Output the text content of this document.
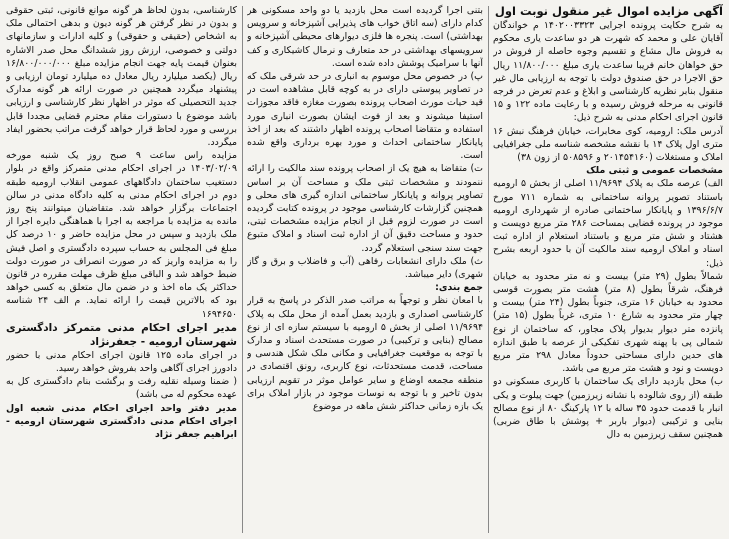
آگهی مزایده اموال غیر منقول نوبت اول

به شرح حکایت پرونده اجرایی ۱۴۰۲۰۰۳۳۲۳ م خواندگان آقایان علی و محمد که شهرت هر دو ساعدت یاری محکوم به فروش مال مشاع و تقسیم وجوه حاصله از فروش در حق خواهان خانم فریبا ساعدت یاری مبلغ ۱۱/۸۰۰/۰۰۰ ریال حق الاجرا در حق صندوق دولت با توجه به ارزیابی مال غیر منقول بنابر نظریه کارشناسی و ابلاغ و عدم تعرض در فرجه قانونی به مرحله فروش رسیده و با رعایت ماده ۱۲۲ و ۱۵ قانون اجرای احکام مدنی به شرح ذیل:

آدرس ملک: ارومیه، کوی مخابرات، خیابان فرهنگ نبش ۱۶ متری اول پلاک ۱۴ با نقشه مشخصه شناسه ملی جغرافیایی املاک و مستغلات (۲۰۱۴۵۴۱۶۰ و ۵۰۸۵۹۶ از زون ۳۸)

مشخصات عمومی و ثبتی ملک

الف) عرصه ملک به پلاک ۱۱/۹۶۹۴ اصلی از بخش ۵ ارومیه باستناد تصویر پروانه ساختمانی به شماره ۷۱۱ مورخ ۱۳۹۶/۶/۷ و پایانکار ساختمانی صادره از شهرداری ارومیه موجود در پرونده قضایی بمساحت ۲۸۶ متر مربع دویست و هشتاد و شش متر مربع و باستناد استعلام از اداره ثبت اسناد و املاک ارومیه سند مالکیت آن با حدود اربعه بشرح ذیل:

شمالاً بطول (۲۹ متر) بیست و نه متر محدود به خیابان فرهنگ، شرقاً بطول (۸ متر) هشت متر بصورت قوسی محدود به خیابان ۱۶ متری، جنوباً بطول (۲۴ متر) بیست و چهار متر محدود به شارع ۱۰ متری، غرباً بطول (۱۵ متر) پانزده متر دیوار بدیوار پلاک مجاور، که ساختمان از نوع شمالی پی با پهنه شهری تفکیکی از عرصه با طبق اندازه های حدین دارای مساحتی حدوداً معادل ۲۹۸ متر مربع دویست و نود و هشت متر مربع می باشد.

ب) محل بازدید دارای یک ساختمان با کاربری مسکونی دو طبقه (از روی شالوده با نشانه زیرزمین) جهت پیلوت و یکی انبار با قدمت حدود ۳۵ ساله با ۱۲ پارکینگ ۸۰ از نوع مصالح بنایی و ترکیبی (دیوار باربر + پوشش با طاق ضربی) همچنین سقف زیرزمین به دال

بتنی اجرا گردیده است محل بازدید یا دو واحد مسکونی هر کدام دارای (سه اتاق خواب های پذیرایی آشپزخانه و سرویس بهداشتی) است. پنجره ها فلزی دیوارهای محیطی آشپزخانه و سرویسهای بهداشتی در حد متعارف و نرمال کاشیکاری و کف آنها با سرامیک پوشش داده شده است.

پ) در خصوص محل موسوم به انباری در حد شرقی ملک که در تصاویر پیوستی دارای در به کوچه قابل مشاهده است در قید حیات مورث اصحاب پرونده بصورت مغازه فاقد مجوزات استیفا میشوند و بعد از فوت ایشان بصورت انباری مورد استفاده و متقاضا اصحاب پرونده اظهار داشتند که بعد از اخذ پایانکار ساختمانی احداث و مورد بهره برداری واقع شده است.

ت) متقاضا به هیچ یک از اصحاب پرونده سند مالکیت را ارائه ننمودند و مشخصات ثبتی ملک و مساحت آن بر اساس تصاویر پروانه و پایانکار ساختمانی اندازه گیری های محلی و همچنین گزارشات کارشناسی موجود در پرونده کتابت گردیده است در صورت لزوم قبل از انجام مزایده مشخصات ثبتی، حدود و مساحت دقیق آن از اداره ثبت اسناد و املاک متبوع جهت سند سنجی استعلام گردد.

ث) ملک دارای انشعابات رفاهی (آب و فاضلاب و برق و گاز شهری) دایر میباشد.

جمع بندی:

با امعان نظر و توجهاً به مراتب صدر الذکر در پاسخ به قرار کارشناسی اصداری و بازدید بعمل آمده از محل ملک به پلاک ۱۱/۹۶۹۴ اصلی از بخش ۵ ارومیه با سیستم سازه ای از نوع مصالح (بنایی و ترکیبی) در صورت مستحدث اسناد و مدارک با توجه به موقعیت جغرافیایی و مکانی ملک شکل هندسی و مساحت، قدمت مستحدثات، نوع کاربری، رونق اقتصادی در منطقه مجمعه اوضاع و سایر عوامل موثر در تقویم ارزیابی بدون تاخیر و با توجه به نوسات موجود در بازار املاک برای یک بازه زمانی حداکثر شش ماهه در موضوع

کارشناسی، بدون لحاظ هر گونه موانع قانونی، ثبتی حقوقی و بدون در نظر گرفتن هر گونه دیون و بدهی احتمالی ملک به اشخاص (حقیقی و حقوقی) و کلیه ادارات و سازمانهای دولتی و خصوصی، ارزش روز ششدانگ محل صدر الاشاره بعنوان قیمت پایه جهت انجام مزایده مبلغ ۱۶/۸۰۰/۰۰۰/۰۰۰ ریال (یکصد میلیارد ریال معادل ده میلیارد تومان ارزیابی و پیشنهاد میگردد همچنین در صورت ارائه هر گونه مدارک جدید التحصیلی که موثر در اظهار نظر کارشناسی و ارزیابی باشد موضوع با دستورات مقام محترم قضایی مجددا قابل بررسی و مورد لحاظ قرار خواهد گرفت مراتب بحضور ایفاد میگردد.

مزایده راس ساعت ۹ صبح روز یک شنبه مورخه ۱۴۰۳/۰۲/۰۹ در اجرای احکام مدنی متمرکز واقع در بلوار دستغیب ساختمان دادگاههای عمومی انقلاب ارومیه طبقه دوم در اجرای احکام مدنی به کلیه دادگاه مدنی در سالن اجتماعات برگزار خواهد شد. متقاضیان میتوانند پنج روز مانده به مزایده با مراجعه به اجرا با هماهنگی دایره اجرا از ملک بازدید و سپس در محل مزایده حاضر و ۱۰ درصد کل مبلغ فی المجلس به حساب سپرده دادگستری و اصل فیش را به مزایده واریز که در صورت انصراف در صورت دولت ضبط خواهد شد و الباقی مبلغ ظرف مهلت مقرره در قانون حداکثر یک ماه اخذ و در ضمن مال متعلق به کسی خواهد بود که بالاترین قیمت را ارائه نماید. م الف ۲۴ شناسه ۱۶۹۴۶۵۰

مدیر اجرای احکام مدنی متمرکز دادگستری شهرستان ارومیه - جعفرنژاد

در اجرای ماده ۱۲۵ قانون اجرای احکام مدنی با حضور دادورز اجرای آگاهی واحد بفروش خواهد رسید.

( ضمنا وسیله نقلیه رفت و برگشت بنام دادگستری کل به عهده محکوم له می باشد)

مدیر دفتر واحد اجرای احکام مدنی شعبه اول اجرای احکام مدنی دادگستری شهرستان ارومیه - ابراهیم جعفر نژاد
